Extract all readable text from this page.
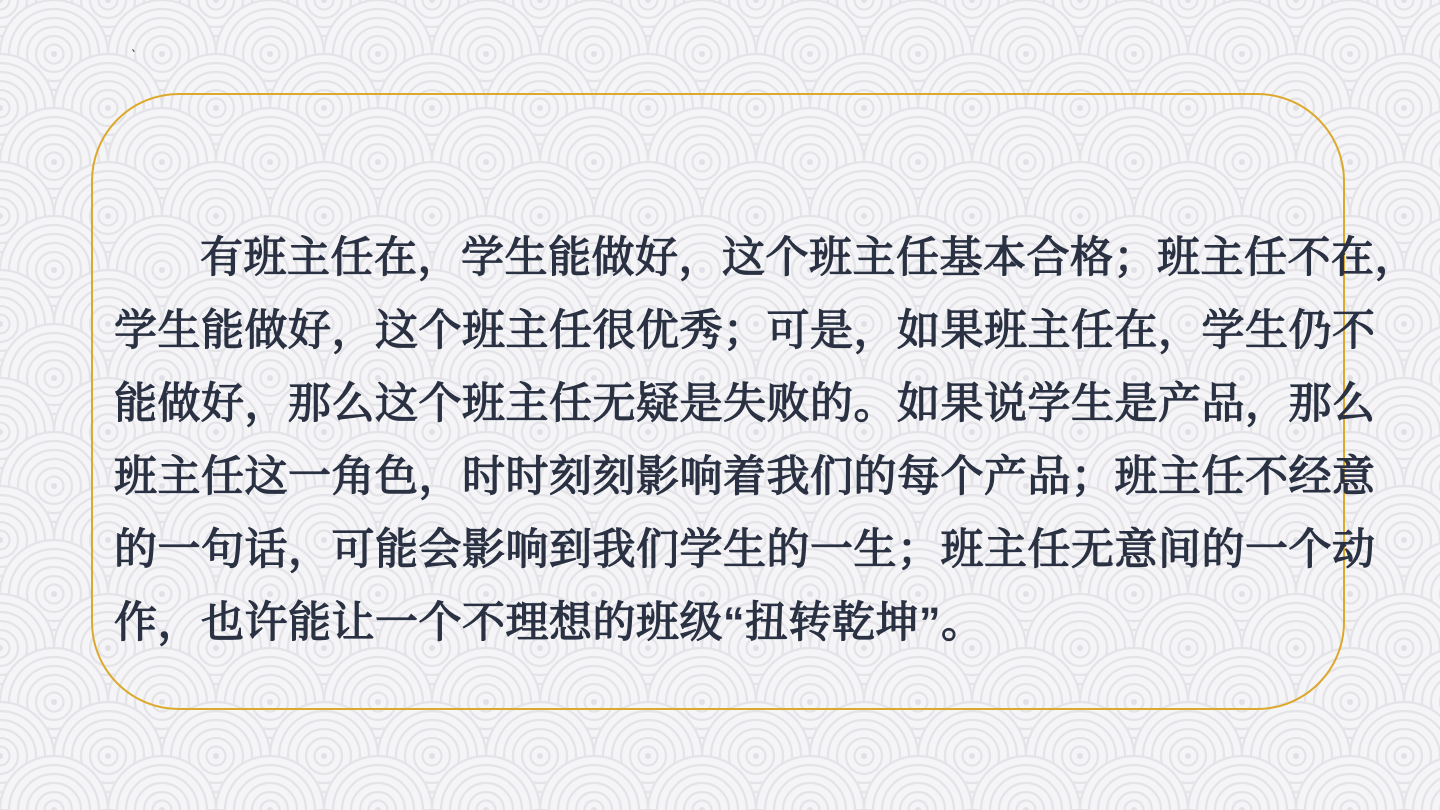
`
有班主任在，学生能做好，这个班主任基本合格；班主任不在，
学生能做好，这个班主任很优秀；可是，如果班主任在，学生仍不
能做好，那么这个班主任无疑是失败的。如果说学生是产品，那么
班主任这一角色，时时刻刻影响着我们的每个产品；班主任不经意
的一句话，可能会影响到我们学生的一生；班主任无意间的一个动
作，也许能让一个不理想的班级“扭转乾坤”。
